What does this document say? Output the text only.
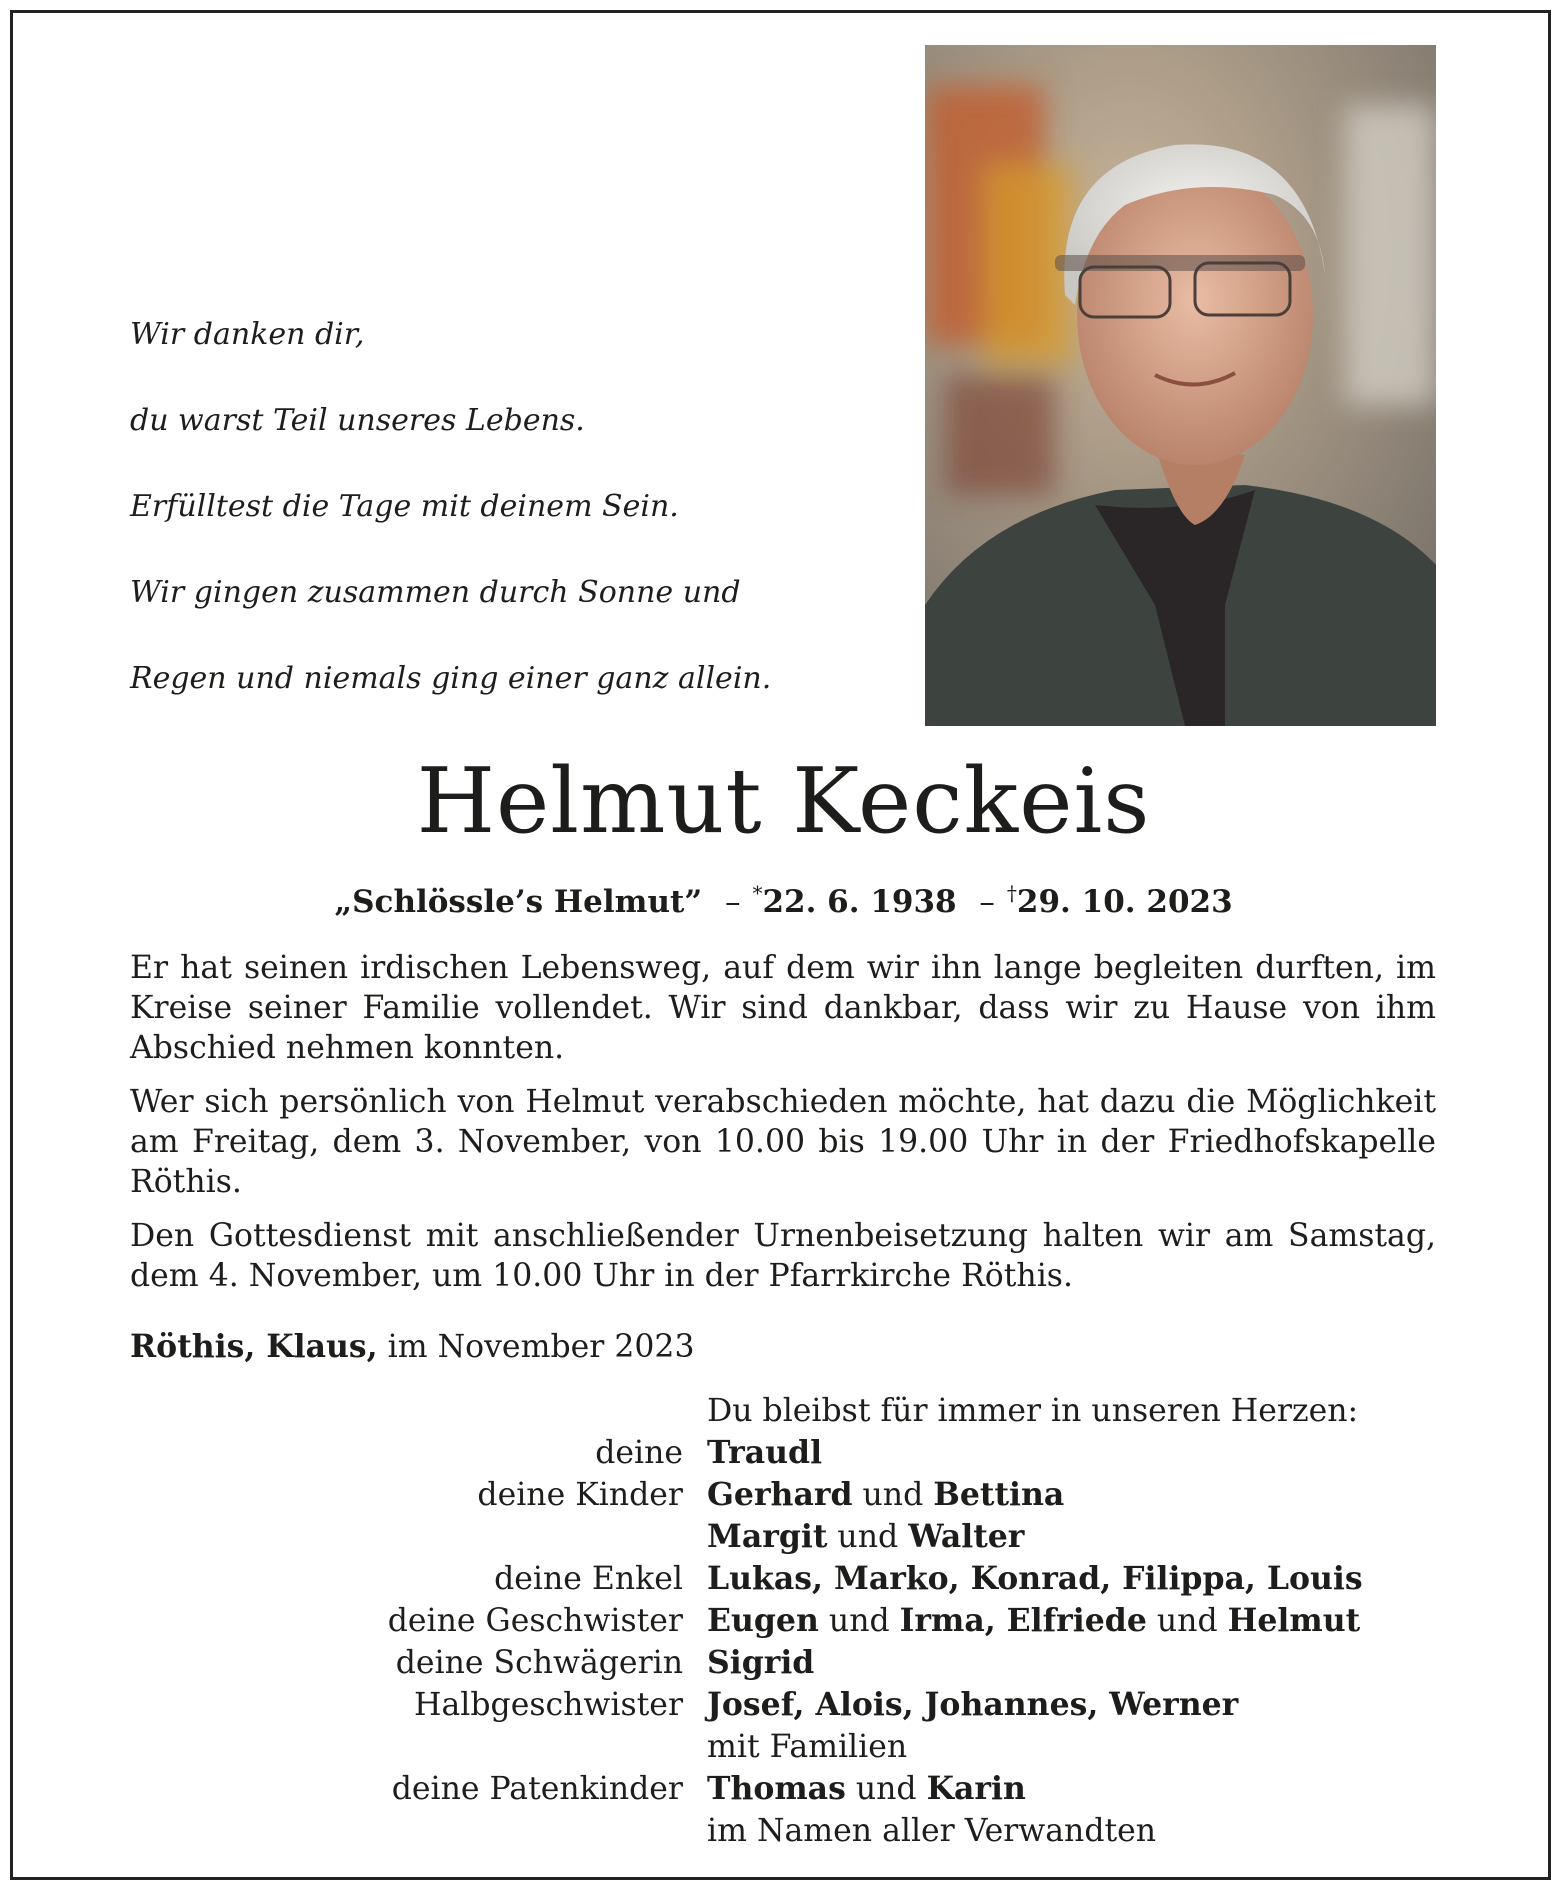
Wir danken dir,

du warst Teil unseres Lebens.

Erfülltest die Tage mit deinem Sein.

Wir gingen zusammen durch Sonne und

Regen und niemals ging einer ganz allein.

Helmut Keckeis
„Schlössle’s Helmut” – *22. 6. 1938 – †29. 10. 2023

Er hat seinen irdischen Lebensweg, auf dem wir ihn lange begleiten durften, im Kreise seiner Familie vollendet. Wir sind dankbar, dass wir zu Hause von ihm Abschied nehmen konnten.

Wer sich persönlich von Helmut verabschieden möchte, hat dazu die Möglichkeit am Freitag, dem 3. November, von 10.00 bis 19.00 Uhr in der Friedhofskapelle Röthis.

Den Gottesdienst mit anschließender Urnenbeisetzung halten wir am Samstag, dem 4. November, um 10.00 Uhr in der Pfarrkirche Röthis.

Röthis, Klaus, im November 2023
Du bleibst für immer in unseren Herzen:
deine Traudl
deine Kinder Gerhard und Bettina
Margit und Walter
deine Enkel Lukas, Marko, Konrad, Filippa, Louis
deine Geschwister Eugen und Irma, Elfriede und Helmut
deine Schwägerin Sigrid
Halbgeschwister Josef, Alois, Johannes, Werner
mit Familien
deine Patenkinder Thomas und Karin
im Namen aller Verwandten
